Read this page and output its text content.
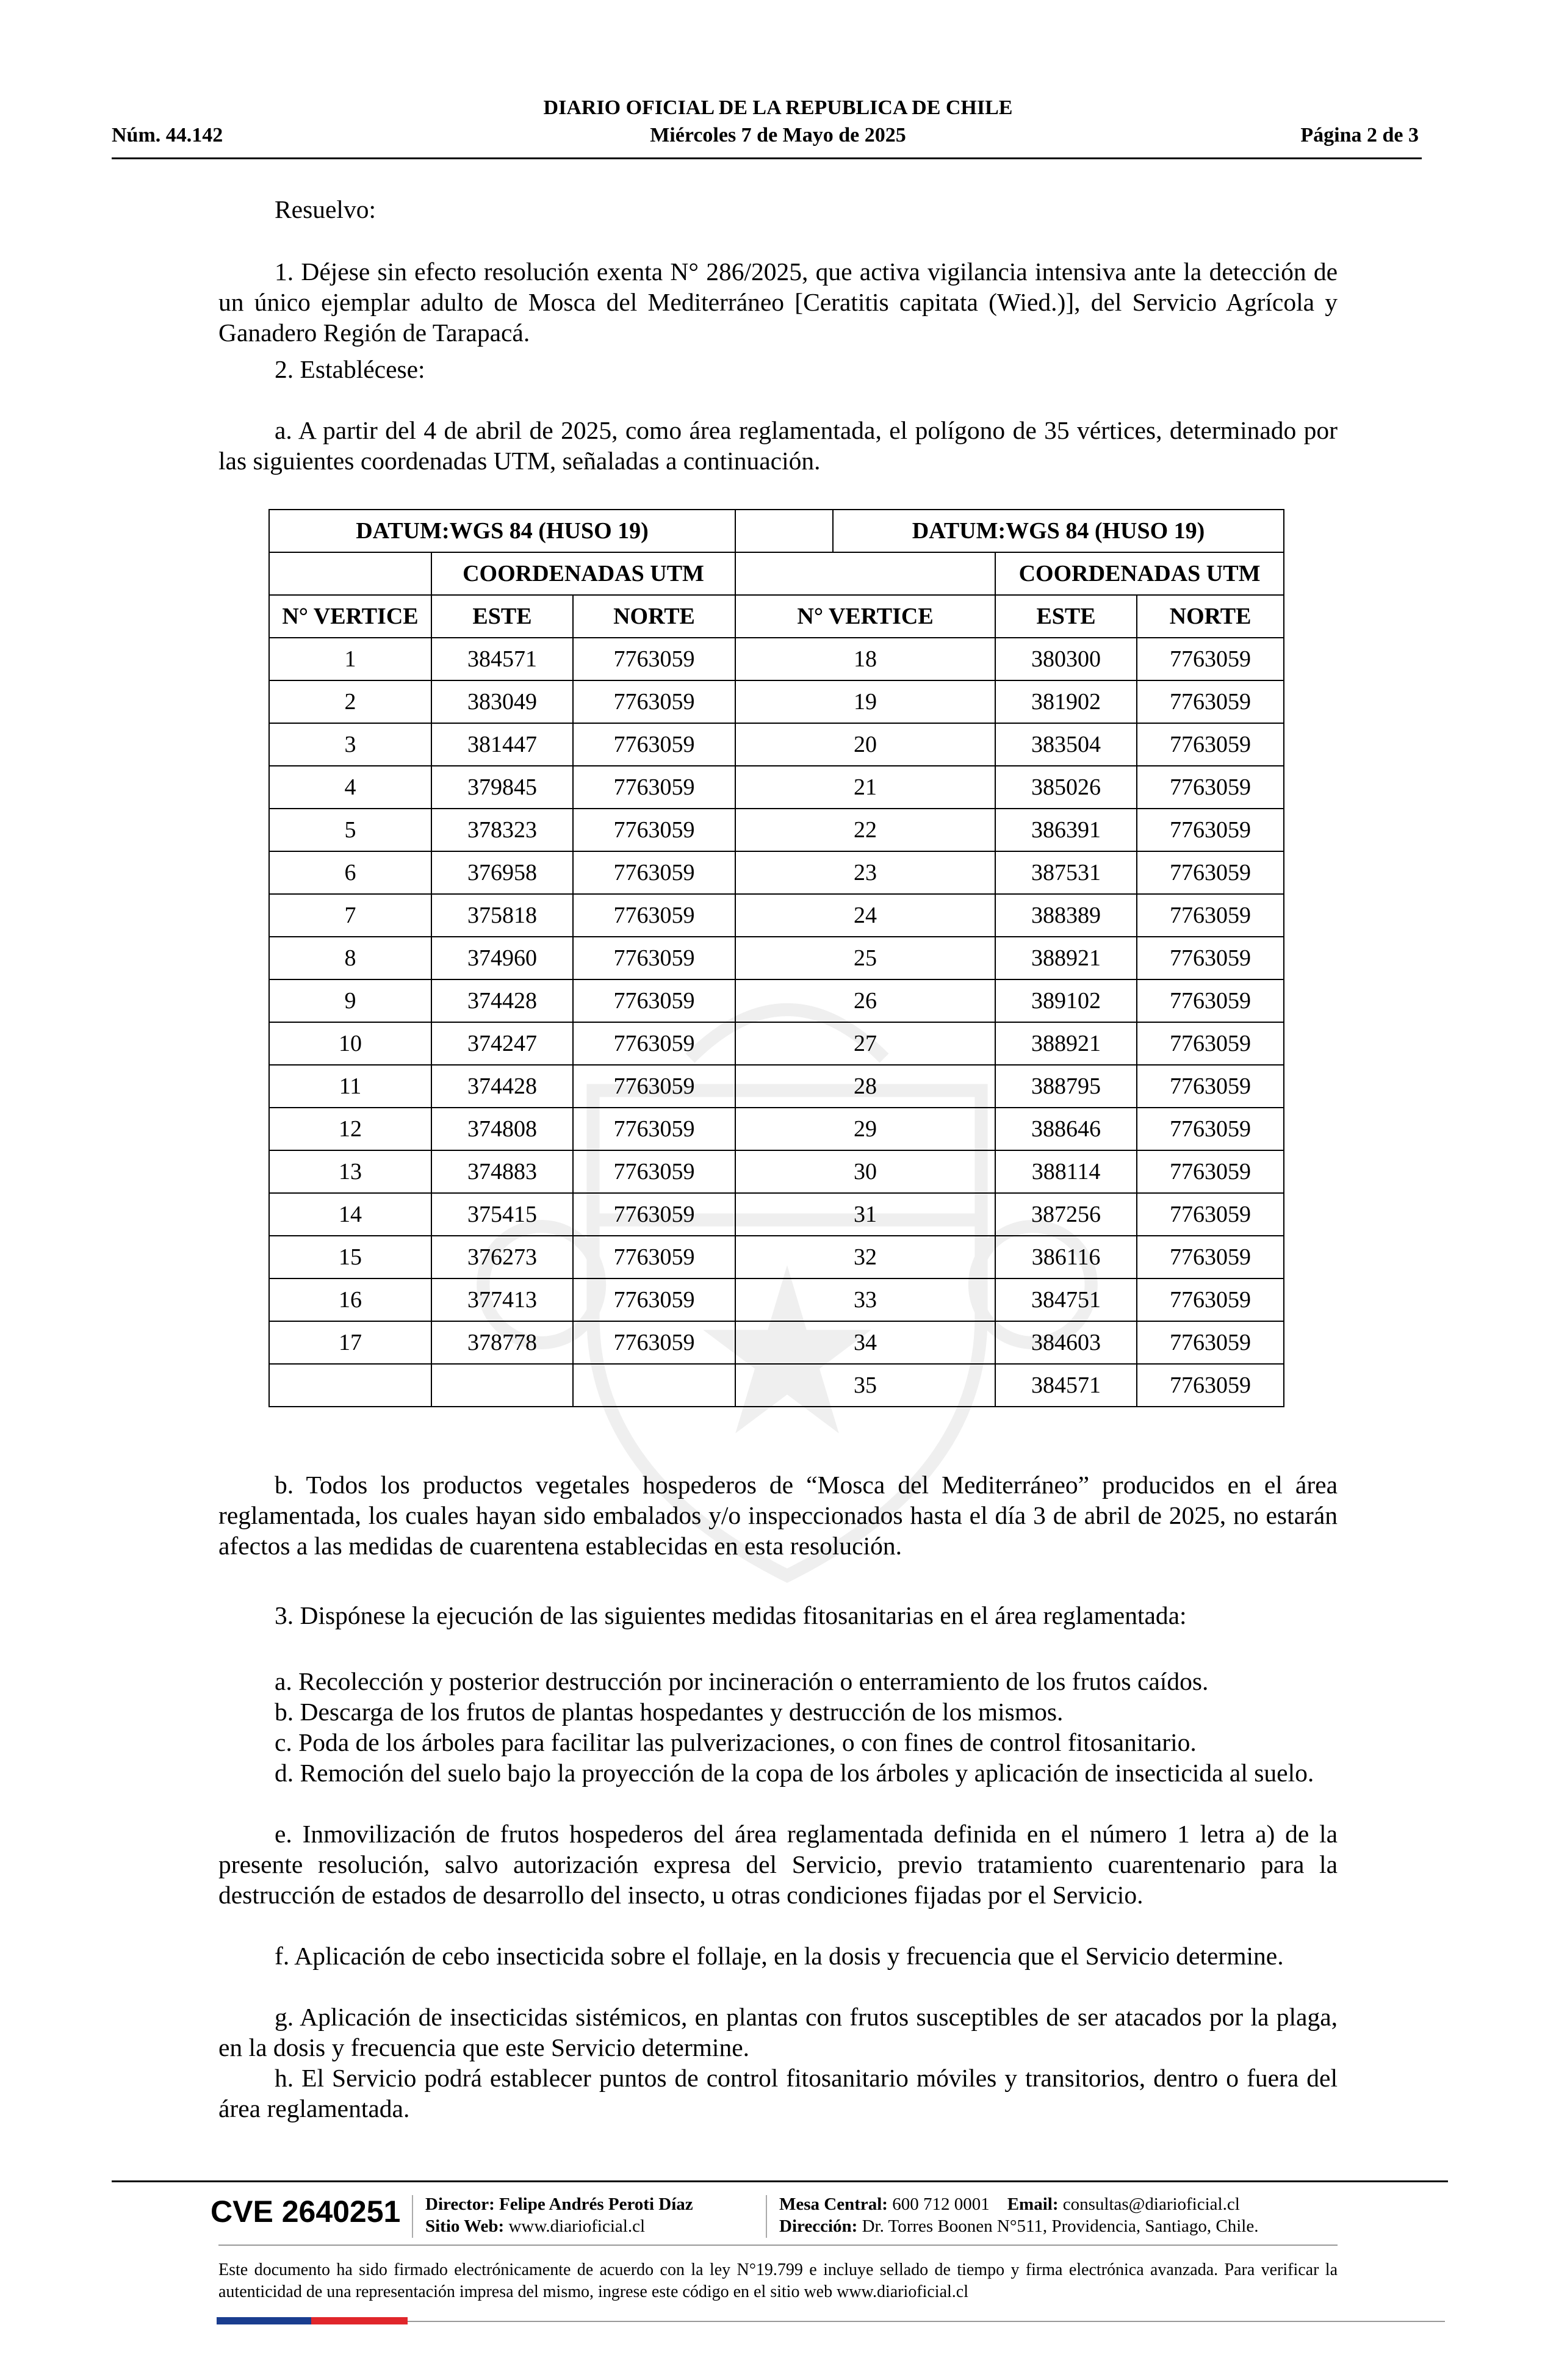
DIARIO OFICIAL DE LA REPUBLICA DE CHILE
Núm. 44.142	Miércoles 7 de Mayo de 2025	Página 2 de 3
Resuelvo:
1. Déjese sin efecto resolución exenta N° 286/2025, que activa vigilancia intensiva ante la detección de un único ejemplar adulto de Mosca del Mediterráneo [Ceratitis capitata (Wied.)], del Servicio Agrícola y Ganadero Región de Tarapacá.
2. Establécese:
a. A partir del 4 de abril de 2025, como área reglamentada, el polígono de 35 vértices, determinado por las siguientes coordenadas UTM, señaladas a continuación.
DATUM:WGS 84 (HUSO 19)				DATUM:WGS 84 (HUSO 19)		
	COORDENADAS UTM				COORDENADAS UTM	
N° VERTICE	ESTE	NORTE	N° VERTICE		ESTE	NORTE
1	384571	7763059	18		380300	7763059
2	383049	7763059	19		381902	7763059
3	381447	7763059	20		383504	7763059
4	379845	7763059	21		385026	7763059
5	378323	7763059	22		386391	7763059
6	376958	7763059	23		387531	7763059
7	375818	7763059	24		388389	7763059
8	374960	7763059	25		388921	7763059
9	374428	7763059	26		389102	7763059
10	374247	7763059	27		388921	7763059
11	374428	7763059	28		388795	7763059
12	374808	7763059	29		388646	7763059
13	374883	7763059	30		388114	7763059
14	375415	7763059	31		387256	7763059
15	376273	7763059	32		386116	7763059
16	377413	7763059	33		384751	7763059
17	378778	7763059	34		384603	7763059
			35		384571	7763059
b. Todos los productos vegetales hospederos de “Mosca del Mediterráneo” producidos en el área reglamentada, los cuales hayan sido embalados y/o inspeccionados hasta el día 3 de abril de 2025, no estarán afectos a las medidas de cuarentena establecidas en esta resolución.
3. Dispónese la ejecución de las siguientes medidas fitosanitarias en el área reglamentada:
a. Recolección y posterior destrucción por incineración o enterramiento de los frutos caídos.
b. Descarga de los frutos de plantas hospedantes y destrucción de los mismos.
c. Poda de los árboles para facilitar las pulverizaciones, o con fines de control fitosanitario.
d. Remoción del suelo bajo la proyección de la copa de los árboles y aplicación de insecticida al suelo.
e. Inmovilización de frutos hospederos del área reglamentada definida en el número 1 letra a) de la presente resolución, salvo autorización expresa del Servicio, previo tratamiento cuarentenario para la destrucción de estados de desarrollo del insecto, u otras condiciones fijadas por el Servicio.
f. Aplicación de cebo insecticida sobre el follaje, en la dosis y frecuencia que el Servicio determine.
g. Aplicación de insecticidas sistémicos, en plantas con frutos susceptibles de ser atacados por la plaga, en la dosis y frecuencia que este Servicio determine.
h. El Servicio podrá establecer puntos de control fitosanitario móviles y transitorios, dentro o fuera del área reglamentada.
CVE 2640251 Director: Felipe Andrés Peroti Díaz
Sitio Web: www.diarioficial.cl
Mesa Central: 600 712 0001 Email: consultas@diarioficial.cl
Dirección: Dr. Torres Boonen N°511, Providencia, Santiago, Chile.
Este documento ha sido firmado electrónicamente de acuerdo con la ley N°19.799 e incluye sellado de tiempo y firma electrónica avanzada. Para verificar la autenticidad de una representación impresa del mismo, ingrese este código en el sitio web www.diarioficial.cl
